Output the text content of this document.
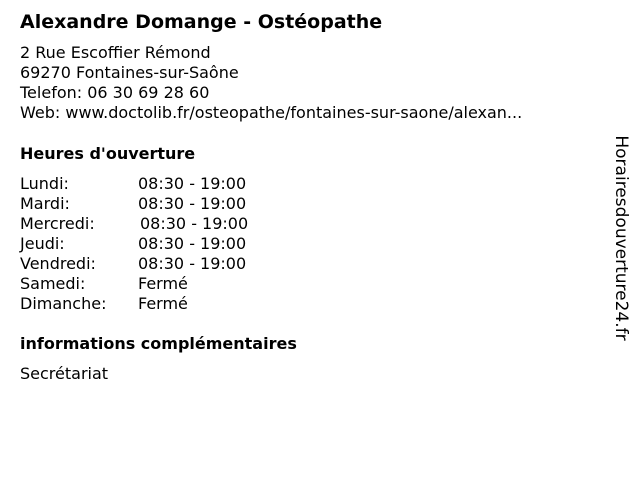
Alexandre Domange - Ostéopathe
2 Rue Escoffier Rémond
69270 Fontaines-sur-Saône
Telefon: 06 30 69 28 60
Web: www.doctolib.fr/osteopathe/fontaines-sur-saone/alexan...
Heures d'ouverture
Lundi:	08:30 - 19:00
Mardi:	08:30 - 19:00
Mercredi:	08:30 - 19:00
Jeudi:	08:30 - 19:00
Vendredi:	08:30 - 19:00
Samedi:	Fermé
Dimanche:	Fermé
informations complémentaires
Secrétariat
Horairesdouverture24.fr
